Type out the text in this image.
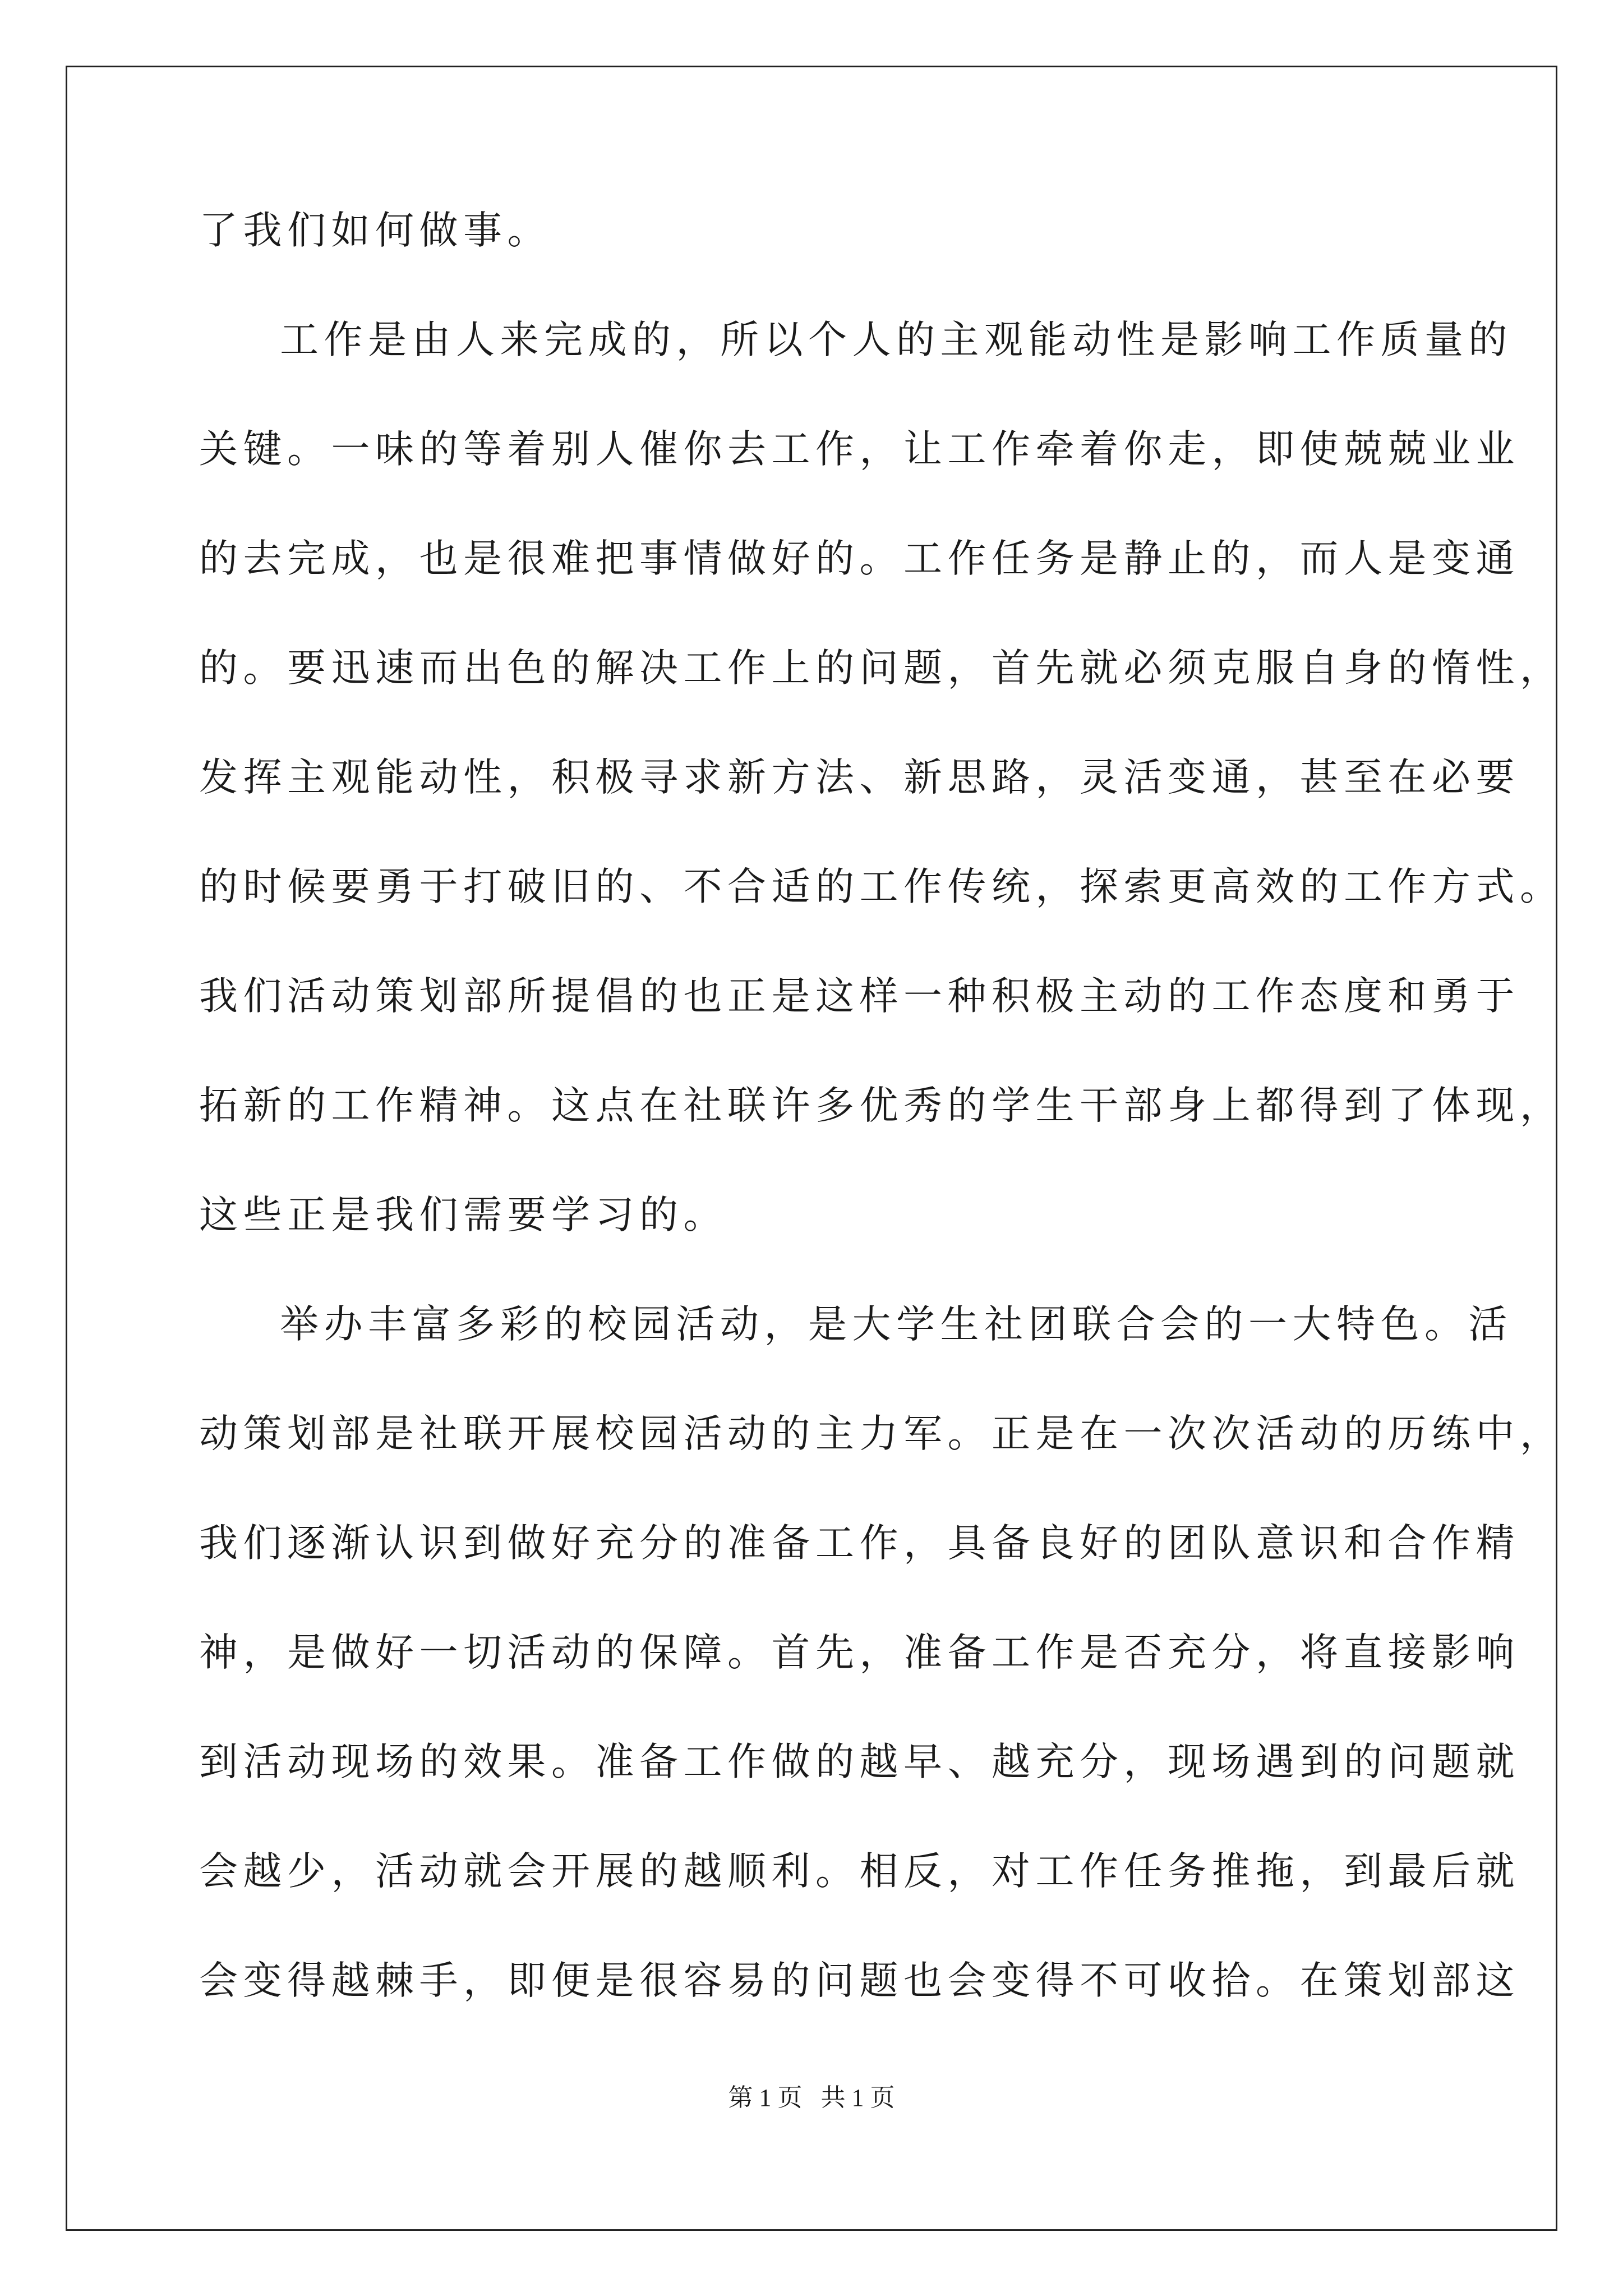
了我们如何做事。

工作是由人来完成的，所以个人的主观能动性是影响工作质量的

关键。一味的等着别人催你去工作，让工作牵着你走，即使兢兢业业

的去完成，也是很难把事情做好的。工作任务是静止的，而人是变通

的。要迅速而出色的解决工作上的问题，首先就必须克服自身的惰性，

发挥主观能动性，积极寻求新方法、新思路，灵活变通，甚至在必要

的时候要勇于打破旧的、不合适的工作传统，探索更高效的工作方式。

我们活动策划部所提倡的也正是这样一种积极主动的工作态度和勇于

拓新的工作精神。这点在社联许多优秀的学生干部身上都得到了体现，

这些正是我们需要学习的。

举办丰富多彩的校园活动，是大学生社团联合会的一大特色。活

动策划部是社联开展校园活动的主力军。正是在一次次活动的历练中，

我们逐渐认识到做好充分的准备工作，具备良好的团队意识和合作精

神，是做好一切活动的保障。首先，准备工作是否充分，将直接影响

到活动现场的效果。准备工作做的越早、越充分，现场遇到的问题就

会越少，活动就会开展的越顺利。相反，对工作任务推拖，到最后就

会变得越棘手，即便是很容易的问题也会变得不可收拾。在策划部这

第 1 页   共 1 页
